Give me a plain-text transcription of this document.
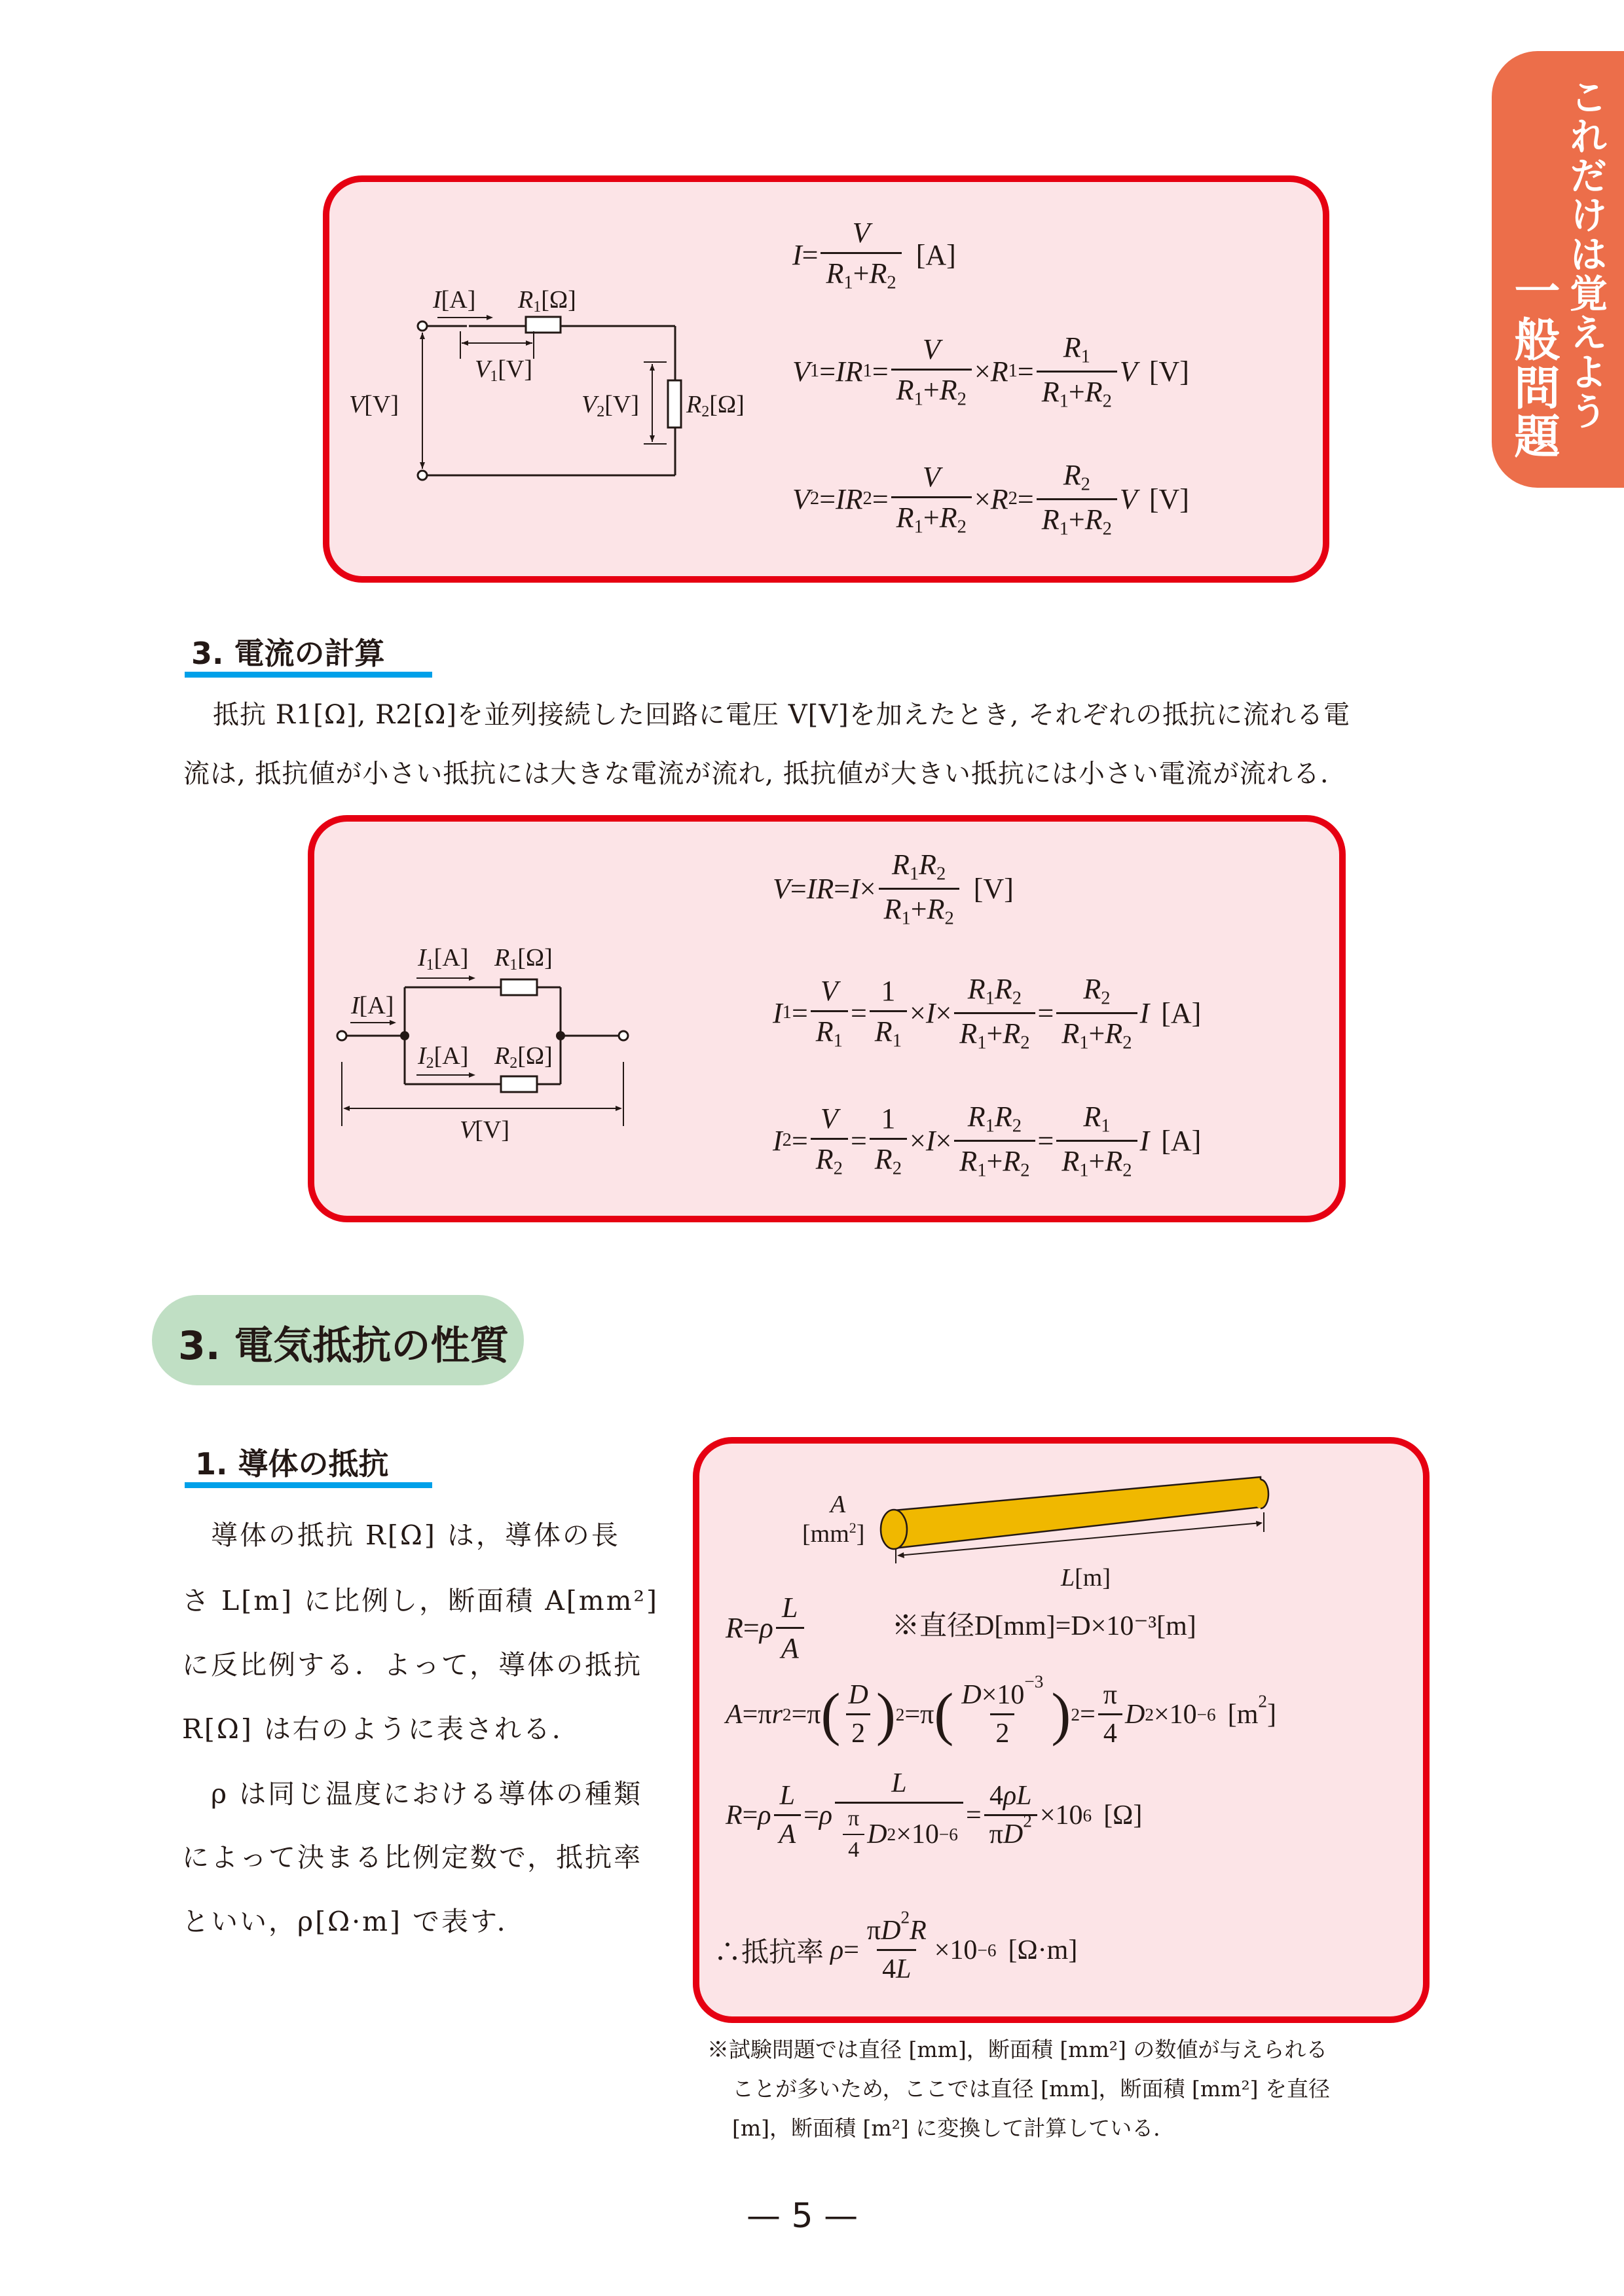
これだけは覚えよう
一般問題
I[A] R1[Ω]
V1[V]
V2[V] R2[Ω]
V[V]
$I = \frac{V}{R_1+R_2} [A]$
V 1 = IR $1 = \frac{V}{R_1+R_2} \times R$ $1 = \frac{R_1}{R_1+R_2}$ V [V]
V 2 = IR $2 = \frac{V}{R_1+R_2} \times R$ $2 = \frac{R_2}{R_1+R_2}$ V [V]
3. 電流の計算
抵抗 R1[Ω], R2[Ω]を並列接続した回路に電圧 V[V]を加えたとき, それぞれの抵抗に流れる電
流は, 抵抗値が小さい抵抗には大きな電流が流れ, 抵抗値が大きい抵抗には小さい電流が流れる.
I1[A] R1[Ω]
I[A]
I2[A] R2[Ω]
V[V]
V = IR = $I \times \frac{R_1R_2}{R_1+R_2} [V]$
I $1 = \frac{V}{R_1} = \frac{1}{R_1} \times I \times \frac{R_1R_2}{R_1+R_2} = \frac{R_2}{R_1+R_2}$ I [A]
I $2 = \frac{V}{R_2} = \frac{1}{R_2} \times I \times \frac{R_1R_2}{R_1+R_2} = \frac{R_1}{R_1+R_2}$ I [A]
3. 電気抵抗の性質
1. 導体の抵抗
　導体の抵抗 R[Ω] は，導体の長
さ L[m] に比例し，断面積 A[mm²]
に反比例する．よって，導体の抵抗
R[Ω] は右のように表される．
　ρ は同じ温度における導体の種類
によって決まる比例定数で，抵抗率
といい，ρ[Ω·m] で表す．
A
$[mm^2]$
L[m]
R = ρ $\frac{L}{A}$	※直径D[mm]=D×10⁻³[m]
A =π r 2 =π ( $\frac{D}{2}$ ) 2 =π ( $\frac{D\times 10^{-3}}{2}$ ) $2 = \frac{\pi}{4}$ D 2 ×10 −6 $[m^2]$
R = ρ $\frac{L}{A} = \rho \frac{L}{\frac{\pi}{4} D 2 \times 10 -6} = \frac{4\rho L}{\pi D^2} \times 10$ 6 [Ω]
∴抵抗率 $\rho = \frac{\pi D^2R}{4L} \times 10 -6$ [Ω·m]
※試験問題では直径 [mm]，断面積 [mm²] の数値が与えられる
ことが多いため，ここでは直径 [mm]，断面積 [mm²] を直径
[m]，断面積 [m²] に変換して計算している．
— 5 —
